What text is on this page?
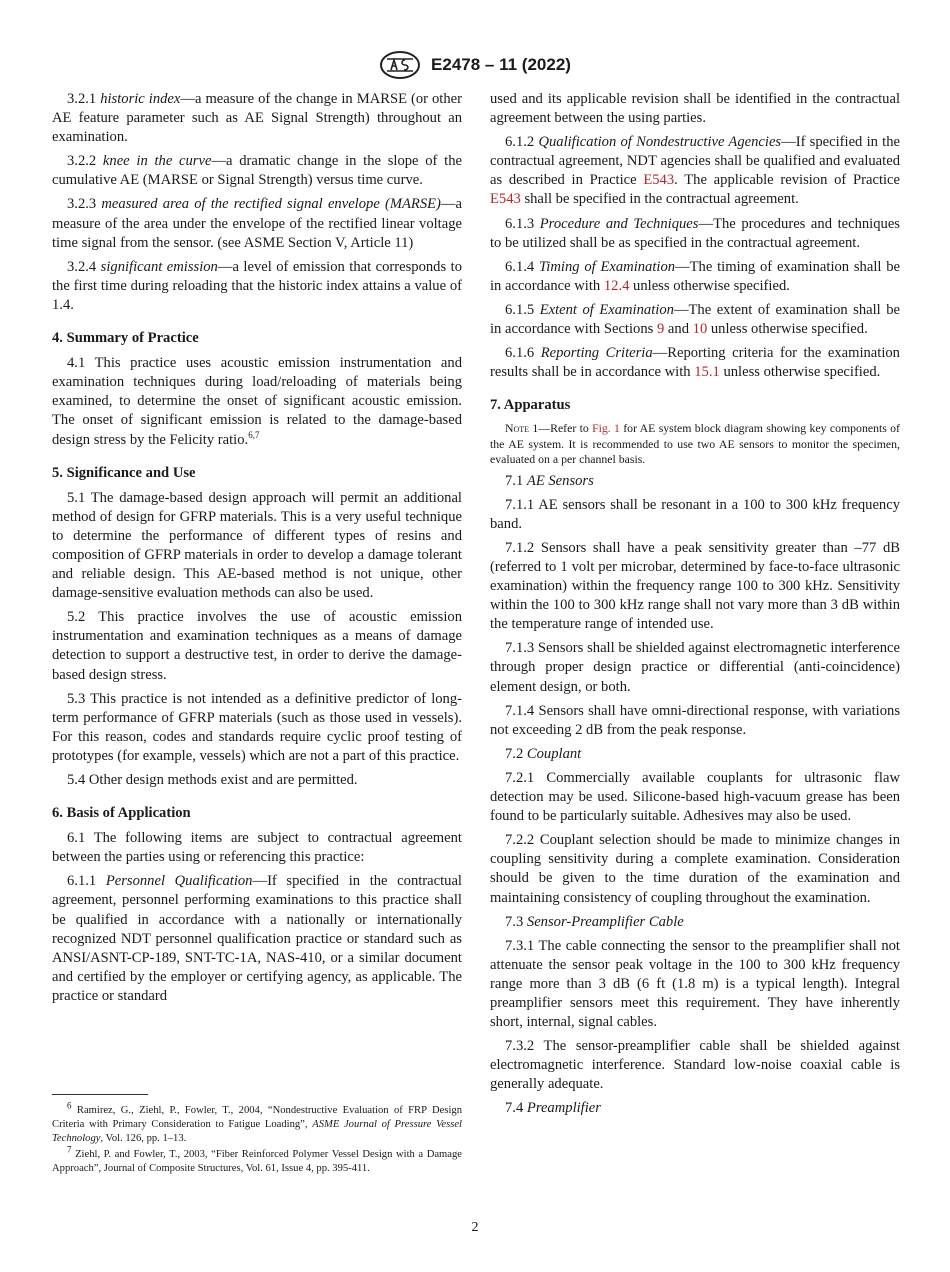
E2478 – 11 (2022)

3.2.1 historic index—a measure of the change in MARSE (or other AE feature parameter such as AE Signal Strength) throughout an examination.

3.2.2 knee in the curve—a dramatic change in the slope of the cumulative AE (MARSE or Signal Strength) versus time curve.

3.2.3 measured area of the rectified signal envelope (MARSE)—a measure of the area under the envelope of the rectified linear voltage time signal from the sensor. (see ASME Section V, Article 11)

3.2.4 significant emission—a level of emission that corresponds to the first time during reloading that the historic index attains a value of 1.4.

4. Summary of Practice

4.1 This practice uses acoustic emission instrumentation and examination techniques during load/reloading of materials being examined, to determine the onset of significant acoustic emission. The onset of significant emission is related to the damage-based design stress by the Felicity ratio.$^{6,7}$

5. Significance and Use

5.1 The damage-based design approach will permit an additional method of design for GFRP materials. This is a very useful technique to determine the performance of different types of resins and composition of GFRP materials in order to develop a damage tolerant and reliable design. This AE-based method is not unique, other damage-sensitive evaluation methods can also be used.

5.2 This practice involves the use of acoustic emission instrumentation and examination techniques as a means of damage detection to support a destructive test, in order to derive the damage-based design stress.

5.3 This practice is not intended as a definitive predictor of long-term performance of GFRP materials (such as those used in vessels). For this reason, codes and standards require cyclic proof testing of prototypes (for example, vessels) which are not a part of this practice.

5.4 Other design methods exist and are permitted.

6. Basis of Application

6.1 The following items are subject to contractual agreement between the parties using or referencing this practice:

6.1.1 Personnel Qualification—If specified in the contractual agreement, personnel performing examinations to this practice shall be qualified in accordance with a nationally or internationally recognized NDT personnel qualification practice or standard such as ANSI/ASNT-CP-189, SNT-TC-1A, NAS-410, or a similar document and certified by the employer or certifying agency, as applicable. The practice or standard

used and its applicable revision shall be identified in the contractual agreement between the using parties.

6.1.2 Qualification of Nondestructive Agencies—If specified in the contractual agreement, NDT agencies shall be qualified and evaluated as described in Practice E543. The applicable revision of Practice E543 shall be specified in the contractual agreement.

6.1.3 Procedure and Techniques—The procedures and techniques to be utilized shall be as specified in the contractual agreement.

6.1.4 Timing of Examination—The timing of examination shall be in accordance with 12.4 unless otherwise specified.

6.1.5 Extent of Examination—The extent of examination shall be in accordance with Sections 9 and 10 unless otherwise specified.

6.1.6 Reporting Criteria—Reporting criteria for the examination results shall be in accordance with 15.1 unless otherwise specified.

7. Apparatus

Note 1—Refer to Fig. 1 for AE system block diagram showing key components of the AE system. It is recommended to use two AE sensors to monitor the specimen, evaluated on a per channel basis.

7.1 AE Sensors

7.1.1 AE sensors shall be resonant in a 100 to 300 kHz frequency band.

7.1.2 Sensors shall have a peak sensitivity greater than –77 dB (referred to 1 volt per microbar, determined by face-to-face ultrasonic examination) within the frequency range 100 to 300 kHz. Sensitivity within the 100 to 300 kHz range shall not vary more than 3 dB within the temperature range of intended use.

7.1.3 Sensors shall be shielded against electromagnetic interference through proper design practice or differential (anti-coincidence) element design, or both.

7.1.4 Sensors shall have omni-directional response, with variations not exceeding 2 dB from the peak response.

7.2 Couplant

7.2.1 Commercially available couplants for ultrasonic flaw detection may be used. Silicone-based high-vacuum grease has been found to be particularly suitable. Adhesives may also be used.

7.2.2 Couplant selection should be made to minimize changes in coupling sensitivity during a complete examination. Consideration should be given to the time duration of the examination and maintaining consistency of coupling throughout the examination.

7.3 Sensor-Preamplifier Cable

7.3.1 The cable connecting the sensor to the preamplifier shall not attenuate the sensor peak voltage in the 100 to 300 kHz frequency range more than 3 dB (6 ft (1.8 m) is a typical length). Integral preamplifier sensors meet this requirement. They have inherently short, internal, signal cables.

7.3.2 The sensor-preamplifier cable shall be shielded against electromagnetic interference. Standard low-noise coaxial cable is generally adequate.

7.4 Preamplifier

$^6$ Ramirez, G., Ziehl, P., Fowler, T., 2004, “Nondestructive Evaluation of FRP Design Criteria with Primary Consideration to Fatigue Loading”, ASME Journal of Pressure Vessel Technology, Vol. 126, pp. 1–13.

$^7$ Ziehl, P. and Fowler, T., 2003, “Fiber Reinforced Polymer Vessel Design with a Damage Approach”, Journal of Composite Structures, Vol. 61, Issue 4, pp. 395-411.

2
